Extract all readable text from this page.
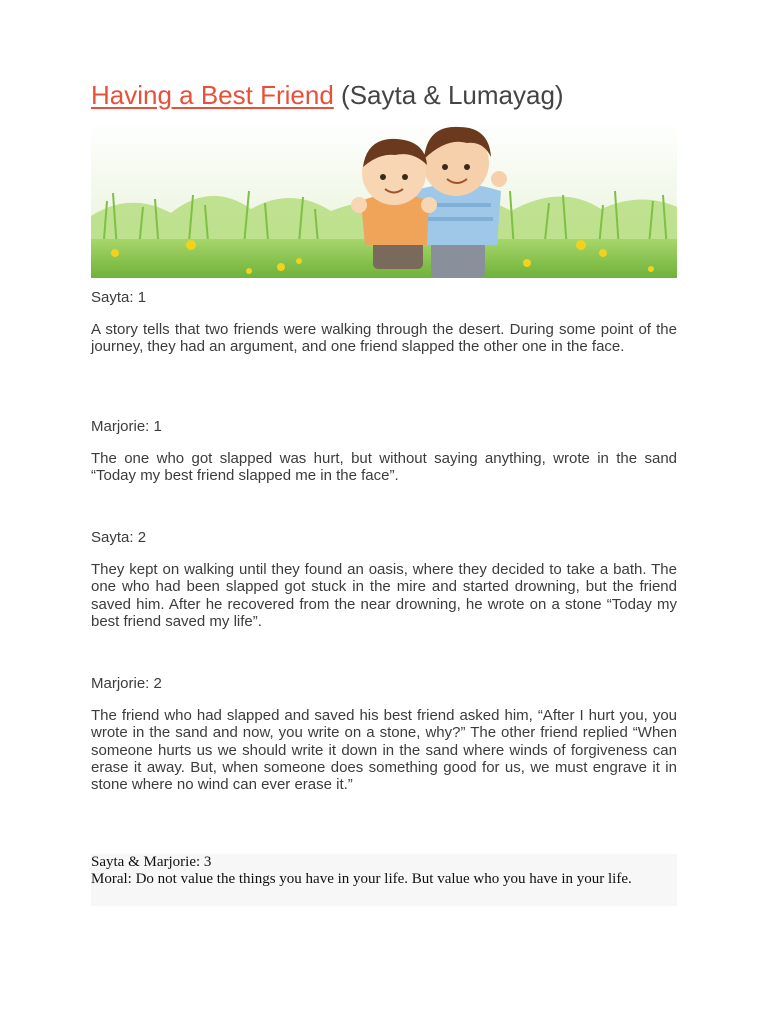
Having a Best Friend (Sayta & Lumayag)

Sayta: 1

A story tells that two friends were walking through the desert. During some point of the journey, they had an argument, and one friend slapped the other one in the face.

Marjorie: 1

The one who got slapped was hurt, but without saying anything, wrote in the sand “Today my best friend slapped me in the face”.

Sayta: 2

They kept on walking until they found an oasis, where they decided to take a bath. The one who had been slapped got stuck in the mire and started drowning, but the friend saved him. After he recovered from the near drowning, he wrote on a stone “Today my best friend saved my life”.

Marjorie: 2

The friend who had slapped and saved his best friend asked him, “After I hurt you, you wrote in the sand and now, you write on a stone, why?” The other friend replied “When someone hurts us we should write it down in the sand where winds of forgiveness can erase it away. But, when someone does something good for us, we must engrave it in stone where no wind can ever erase it.”

Sayta & Marjorie: 3

Moral: Do not value the things you have in your life. But value who you have in your life.
